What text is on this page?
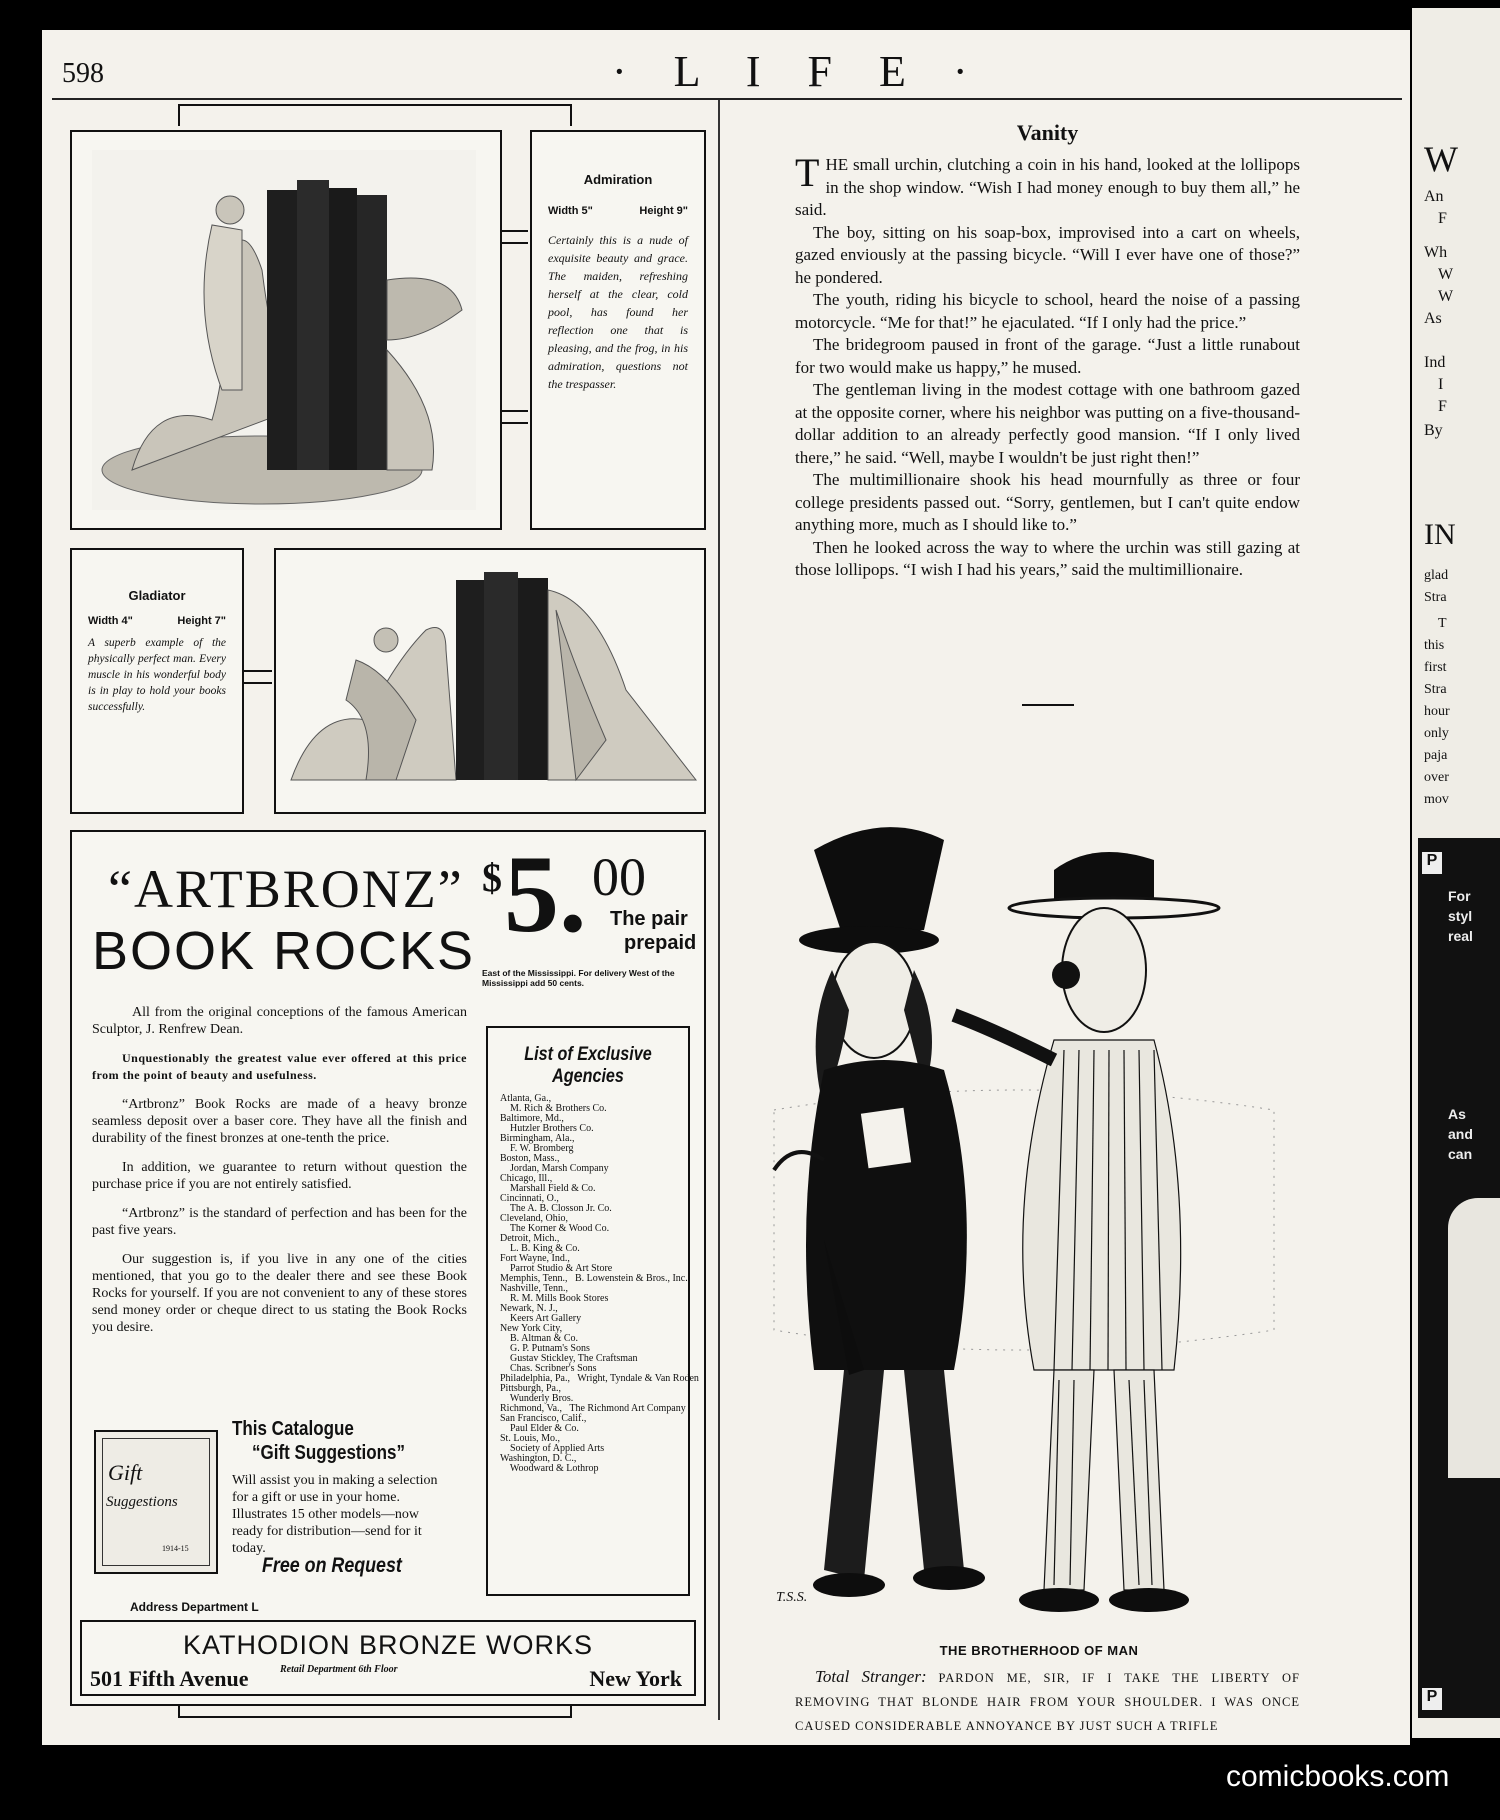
598	· L I F E ·
Admiration
Width 5"	Height 9"
Certainly this is a nude of exquisite beauty and grace. The maiden, refreshing herself at the clear, cold pool, has found her reflection one that is pleasing, and the frog, in his admiration, questions not the trespasser.
Gladiator
Width 4"	Height 7"
A superb example of the physically perfect man. Every muscle in his wonderful body is in play to hold your books successfully.
“ARTBRONZ”
BOOK ROCKS
$ 5. 00
The pair
prepaid
East of the Mississippi. For delivery West of the Mississippi add 50 cents.

All from the original conceptions of the famous American Sculptor, J. Renfrew Dean.

Unquestionably the greatest value ever offered at this price from the point of beauty and usefulness.

“Artbronz” Book Rocks are made of a heavy bronze seamless deposit over a baser core. They have all the finish and durability of the finest bronzes at one-tenth the price.

In addition, we guarantee to return without question the purchase price if you are not entirely satisfied.

“Artbronz” is the standard of perfection and has been for the past five years.

Our suggestion is, if you live in any one of the cities mentioned, that you go to the dealer there and see these Book Rocks for yourself. If you are not convenient to any of these stores send money order or cheque direct to us stating the Book Rocks you desire.

Gift
Suggestions
1914-15
This Catalogue
“Gift Suggestions”
Will assist you in making a selection for a gift or use in your home. Illustrates 15 other models—now ready for distribution—send for it today.
Free on Request
List of Exclusive
Agencies
Atlanta, Ga.,
M. Rich & Brothers Co.
Baltimore, Md.,
Hutzler Brothers Co.
Birmingham, Ala.,
F. W. Bromberg
Boston, Mass.,
Jordan, Marsh Company
Chicago, Ill.,
Marshall Field & Co.
Cincinnati, O.,
The A. B. Closson Jr. Co.
Cleveland, Ohio,
The Korner & Wood Co.
Detroit, Mich.,
L. B. King & Co.
Fort Wayne, Ind.,
Parrot Studio & Art Store
Memphis, Tenn.,   B. Lowenstein & Bros., Inc.
Nashville, Tenn.,
R. M. Mills Book Stores
Newark, N. J.,
Keers Art Gallery
New York City,
B. Altman & Co.
G. P. Putnam's Sons
Gustav Stickley, The Craftsman
Chas. Scribner's Sons
Philadelphia, Pa.,   Wright, Tyndale & Van Roden
Pittsburgh, Pa.,
Wunderly Bros.
Richmond, Va.,   The Richmond Art Company
San Francisco, Calif.,
Paul Elder & Co.
St. Louis, Mo.,
Society of Applied Arts
Washington, D. C.,
Woodward & Lothrop
Address Department L
KATHODION BRONZE WORKS
Retail Department 6th Floor
501 Fifth Avenue	New York
Vanity

THE small urchin, clutching a coin in his hand, looked at the lollipops in the shop window. “Wish I had money enough to buy them all,” he said.

The boy, sitting on his soap-box, improvised into a cart on wheels, gazed enviously at the passing bicycle. “Will I ever have one of those?” he pondered.

The youth, riding his bicycle to school, heard the noise of a passing motorcycle. “Me for that!” he ejaculated. “If I only had the price.”

The bridegroom paused in front of the garage. “Just a little runabout for two would make us happy,” he mused.

The gentleman living in the modest cottage with one bathroom gazed at the opposite corner, where his neighbor was putting on a five-thousand-dollar addition to an already perfectly good mansion. “If I only lived there,” he said. “Well, maybe I wouldn't be just right then!”

The multimillionaire shook his head mournfully as three or four college presidents passed out. “Sorry, gentlemen, but I can't quite endow anything more, much as I should like to.”

Then he looked across the way to where the urchin was still gazing at those lollipops. “I wish I had his years,” said the multimillionaire.

T.S.S.
THE BROTHERHOOD OF MAN
Total Stranger: PARDON ME, SIR, IF I TAKE THE LIBERTY OF REMOVING THAT BLONDE HAIR FROM YOUR SHOULDER. I WAS ONCE CAUSED CONSIDERABLE ANNOYANCE BY JUST SUCH A TRIFLE
W
An
F
Wh
W
W
As
Ind
I
F
By
IN
glad
Stra
T
this
first
Stra
hour
only
paja
over
mov
P
For
styl
real
As
and
can
P
comicbooks.com
